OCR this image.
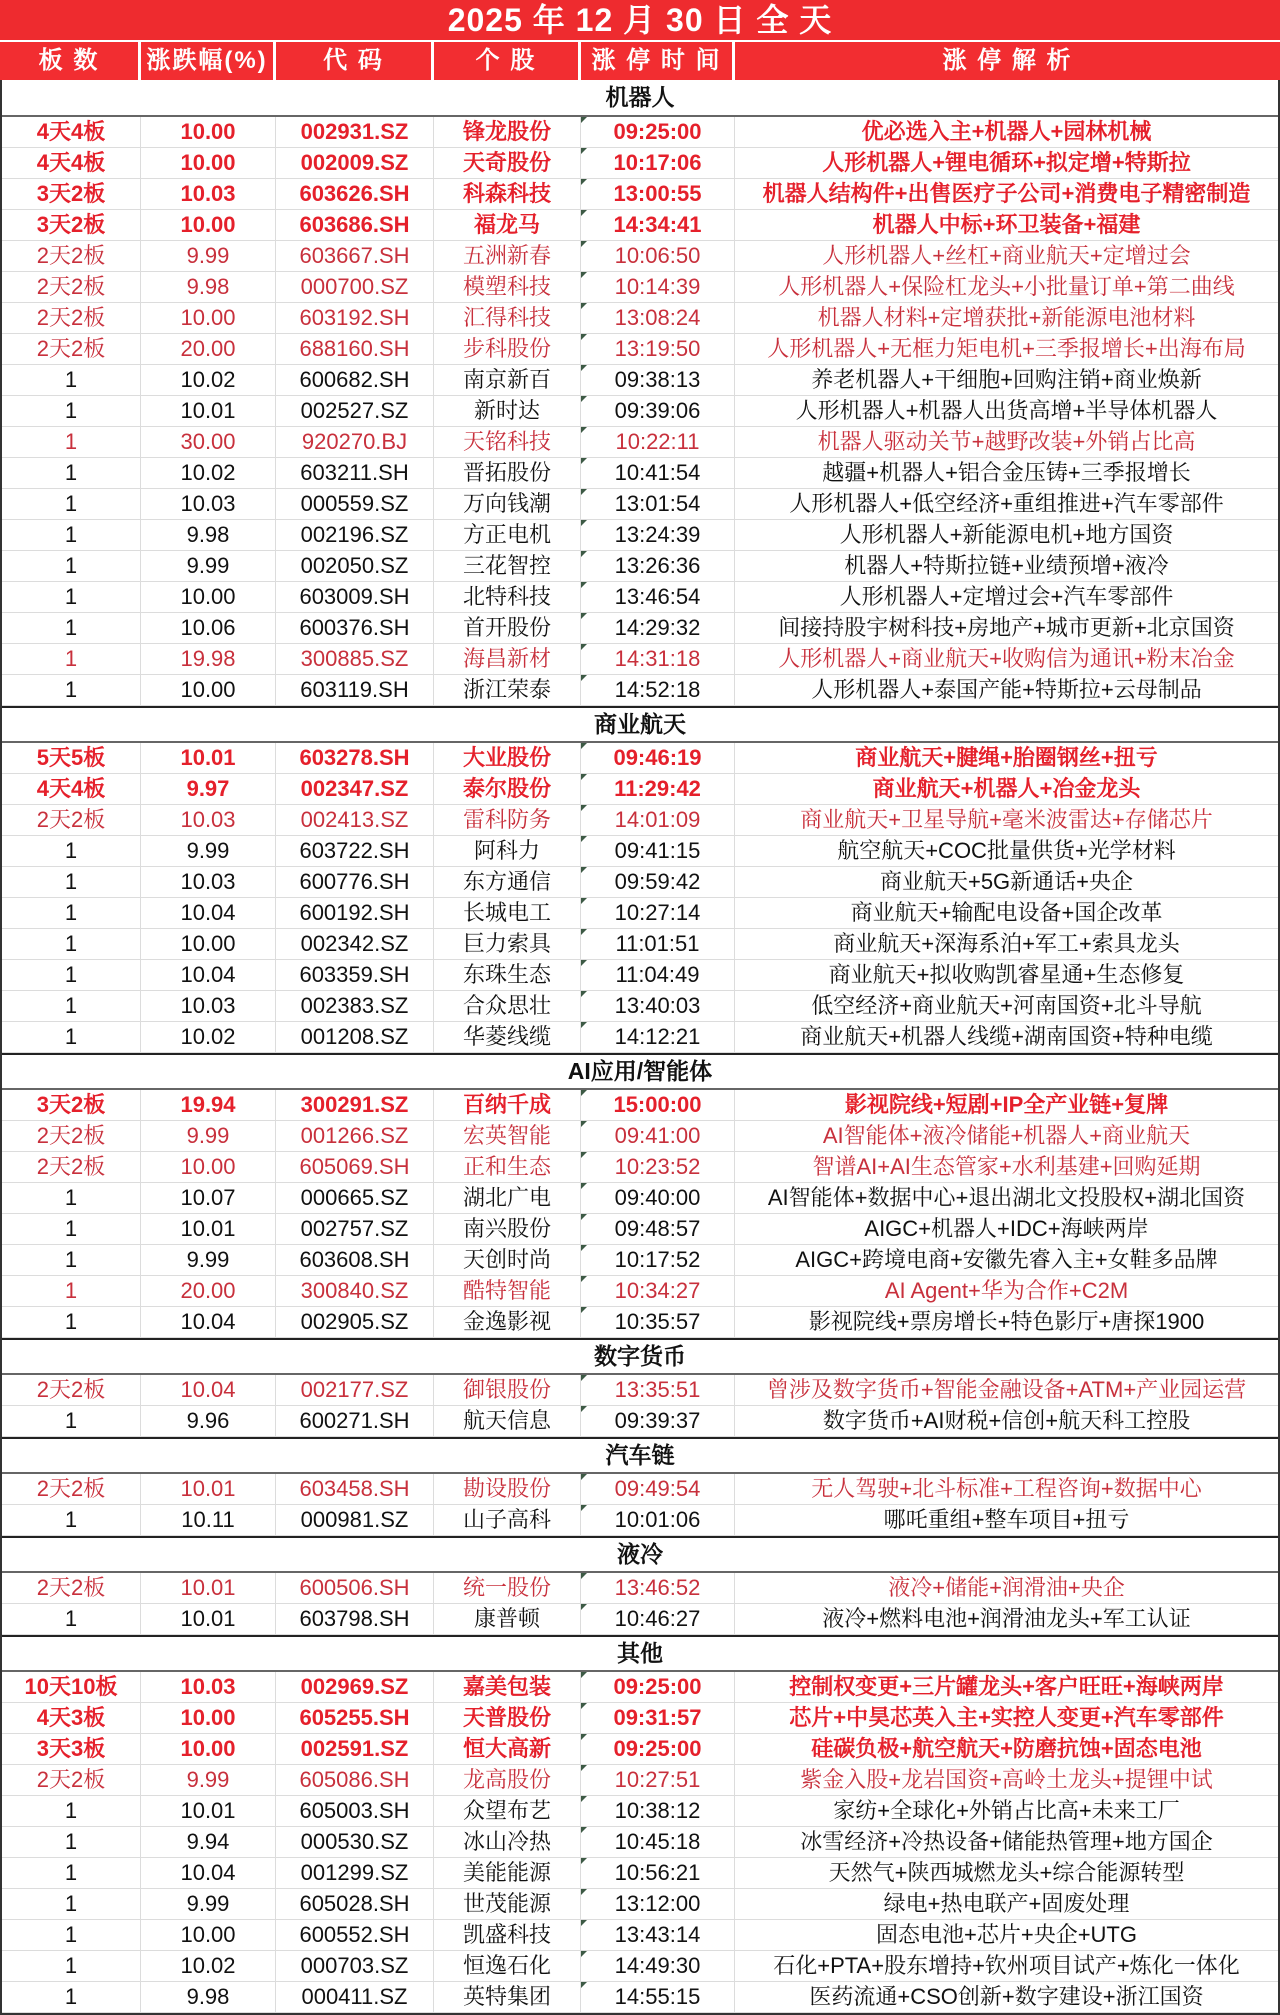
2025 年 12 月 30 日 全 天
板 数	涨跌幅(%)	代 码	个 股	涨 停 时 间	涨 停 解 析
机器人
4天4板	10.00	002931.SZ	锋龙股份	09:25:00	优必选入主+机器人+园林机械
4天4板	10.00	002009.SZ	天奇股份	10:17:06	人形机器人+锂电循环+拟定增+特斯拉
3天2板	10.03	603626.SH	科森科技	13:00:55	机器人结构件+出售医疗子公司+消费电子精密制造
3天2板	10.00	603686.SH	福龙马	14:34:41	机器人中标+环卫装备+福建
2天2板	9.99	603667.SH	五洲新春	10:06:50	人形机器人+丝杠+商业航天+定增过会
2天2板	9.98	000700.SZ	模塑科技	10:14:39	人形机器人+保险杠龙头+小批量订单+第二曲线
2天2板	10.00	603192.SH	汇得科技	13:08:24	机器人材料+定增获批+新能源电池材料
2天2板	20.00	688160.SH	步科股份	13:19:50	人形机器人+无框力矩电机+三季报增长+出海布局
1	10.02	600682.SH	南京新百	09:38:13	养老机器人+干细胞+回购注销+商业焕新
1	10.01	002527.SZ	新时达	09:39:06	人形机器人+机器人出货高增+半导体机器人
1	30.00	920270.BJ	天铭科技	10:22:11	机器人驱动关节+越野改装+外销占比高
1	10.02	603211.SH	晋拓股份	10:41:54	越疆+机器人+铝合金压铸+三季报增长
1	10.03	000559.SZ	万向钱潮	13:01:54	人形机器人+低空经济+重组推进+汽车零部件
1	9.98	002196.SZ	方正电机	13:24:39	人形机器人+新能源电机+地方国资
1	9.99	002050.SZ	三花智控	13:26:36	机器人+特斯拉链+业绩预增+液冷
1	10.00	603009.SH	北特科技	13:46:54	人形机器人+定增过会+汽车零部件
1	10.06	600376.SH	首开股份	14:29:32	间接持股宇树科技+房地产+城市更新+北京国资
1	19.98	300885.SZ	海昌新材	14:31:18	人形机器人+商业航天+收购信为通讯+粉末冶金
1	10.00	603119.SH	浙江荣泰	14:52:18	人形机器人+泰国产能+特斯拉+云母制品
商业航天
5天5板	10.01	603278.SH	大业股份	09:46:19	商业航天+腱绳+胎圈钢丝+扭亏
4天4板	9.97	002347.SZ	泰尔股份	11:29:42	商业航天+机器人+冶金龙头
2天2板	10.03	002413.SZ	雷科防务	14:01:09	商业航天+卫星导航+毫米波雷达+存储芯片
1	9.99	603722.SH	阿科力	09:41:15	航空航天+COC批量供货+光学材料
1	10.03	600776.SH	东方通信	09:59:42	商业航天+5G新通话+央企
1	10.04	600192.SH	长城电工	10:27:14	商业航天+输配电设备+国企改革
1	10.00	002342.SZ	巨力索具	11:01:51	商业航天+深海系泊+军工+索具龙头
1	10.04	603359.SH	东珠生态	11:04:49	商业航天+拟收购凯睿星通+生态修复
1	10.03	002383.SZ	合众思壮	13:40:03	低空经济+商业航天+河南国资+北斗导航
1	10.02	001208.SZ	华菱线缆	14:12:21	商业航天+机器人线缆+湖南国资+特种电缆
AI应用/智能体
3天2板	19.94	300291.SZ	百纳千成	15:00:00	影视院线+短剧+IP全产业链+复牌
2天2板	9.99	001266.SZ	宏英智能	09:41:00	AI智能体+液冷储能+机器人+商业航天
2天2板	10.00	605069.SH	正和生态	10:23:52	智谱AI+AI生态管家+水利基建+回购延期
1	10.07	000665.SZ	湖北广电	09:40:00	AI智能体+数据中心+退出湖北文投股权+湖北国资
1	10.01	002757.SZ	南兴股份	09:48:57	AIGC+机器人+IDC+海峡两岸
1	9.99	603608.SH	天创时尚	10:17:52	AIGC+跨境电商+安徽先睿入主+女鞋多品牌
1	20.00	300840.SZ	酷特智能	10:34:27	AI Agent+华为合作+C2M
1	10.04	002905.SZ	金逸影视	10:35:57	影视院线+票房增长+特色影厅+唐探1900
数字货币
2天2板	10.04	002177.SZ	御银股份	13:35:51	曾涉及数字货币+智能金融设备+ATM+产业园运营
1	9.96	600271.SH	航天信息	09:39:37	数字货币+AI财税+信创+航天科工控股
汽车链
2天2板	10.01	603458.SH	勘设股份	09:49:54	无人驾驶+北斗标准+工程咨询+数据中心
1	10.11	000981.SZ	山子高科	10:01:06	哪吒重组+整车项目+扭亏
液冷
2天2板	10.01	600506.SH	统一股份	13:46:52	液冷+储能+润滑油+央企
1	10.01	603798.SH	康普顿	10:46:27	液冷+燃料电池+润滑油龙头+军工认证
其他
10天10板	10.03	002969.SZ	嘉美包装	09:25:00	控制权变更+三片罐龙头+客户旺旺+海峡两岸
4天3板	10.00	605255.SH	天普股份	09:31:57	芯片+中昊芯英入主+实控人变更+汽车零部件
3天3板	10.00	002591.SZ	恒大高新	09:25:00	硅碳负极+航空航天+防磨抗蚀+固态电池
2天2板	9.99	605086.SH	龙高股份	10:27:51	紫金入股+龙岩国资+高岭土龙头+提锂中试
1	10.01	605003.SH	众望布艺	10:38:12	家纺+全球化+外销占比高+未来工厂
1	9.94	000530.SZ	冰山冷热	10:45:18	冰雪经济+冷热设备+储能热管理+地方国企
1	10.04	001299.SZ	美能能源	10:56:21	天然气+陕西城燃龙头+综合能源转型
1	9.99	605028.SH	世茂能源	13:12:00	绿电+热电联产+固废处理
1	10.00	600552.SH	凯盛科技	13:43:14	固态电池+芯片+央企+UTG
1	10.02	000703.SZ	恒逸石化	14:49:30	石化+PTA+股东增持+钦州项目试产+炼化一体化
1	9.98	000411.SZ	英特集团	14:55:15	医药流通+CSO创新+数字建设+浙江国资
